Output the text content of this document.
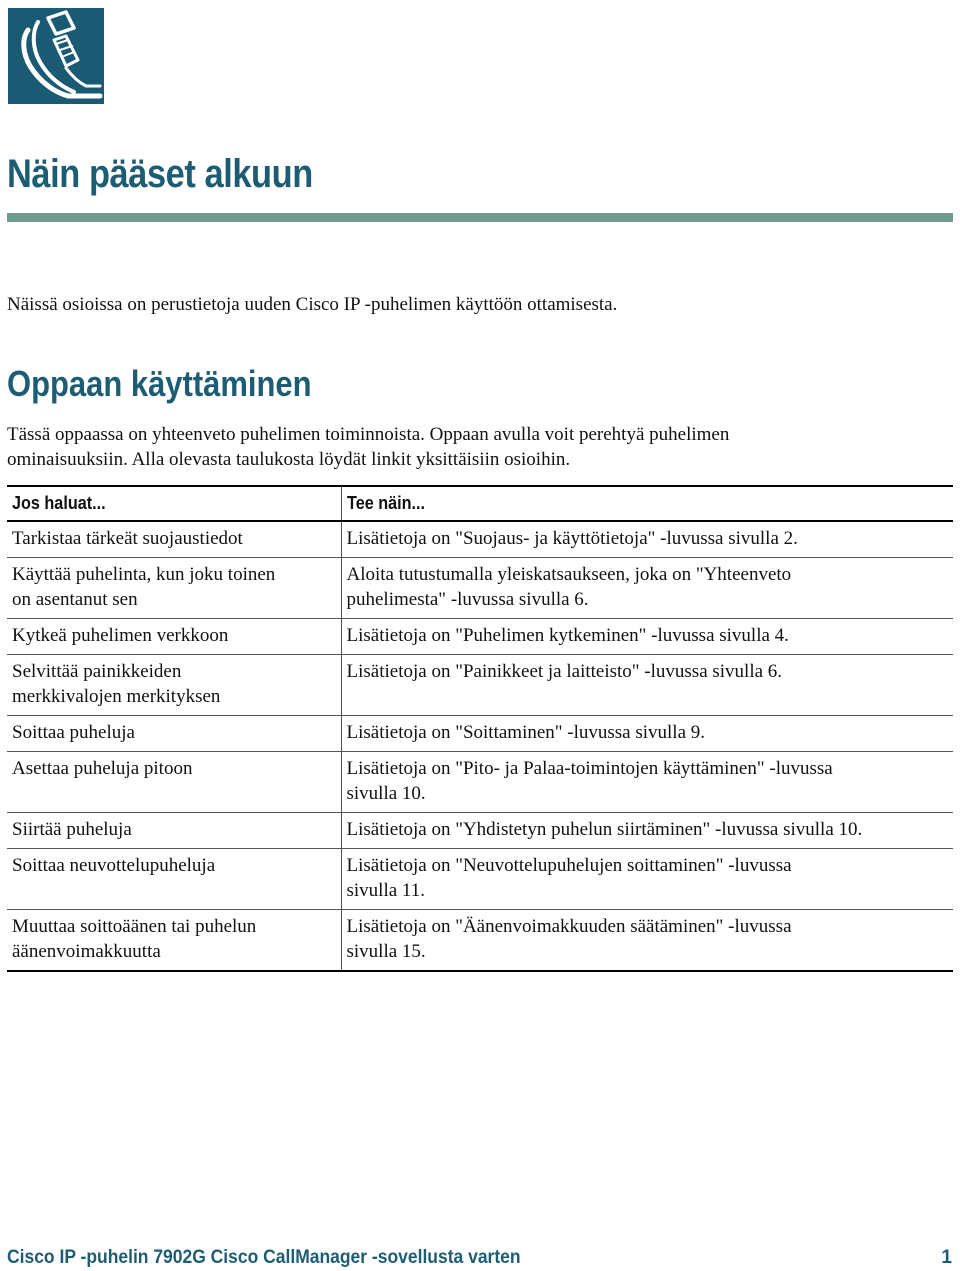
Näin pääset alkuun
Näissä osioissa on perustietoja uuden Cisco IP -puhelimen käyttöön ottamisesta.
Oppaan käyttäminen

Tässä oppaassa on yhteenveto puhelimen toiminnoista. Oppaan avulla voit perehtyä puhelimen
ominaisuuksiin. Alla olevasta taulukosta löydät linkit yksittäisiin osioihin.

Jos haluat...	Tee näin...
Tarkistaa tärkeät suojaustiedot	Lisätietoja on "Suojaus- ja käyttötietoja" -luvussa sivulla 2.
Käyttää puhelinta, kun joku toinen
on asentanut sen	Aloita tutustumalla yleiskatsaukseen, joka on "Yhteenveto
puhelimesta" -luvussa sivulla 6.
Kytkeä puhelimen verkkoon	Lisätietoja on "Puhelimen kytkeminen" -luvussa sivulla 4.
Selvittää painikkeiden
merkkivalojen merkityksen	Lisätietoja on "Painikkeet ja laitteisto" -luvussa sivulla 6.
Soittaa puheluja	Lisätietoja on "Soittaminen" -luvussa sivulla 9.
Asettaa puheluja pitoon	Lisätietoja on "Pito- ja Palaa-toimintojen käyttäminen" -luvussa
sivulla 10.
Siirtää puheluja	Lisätietoja on "Yhdistetyn puhelun siirtäminen" -luvussa sivulla 10.
Soittaa neuvottelupuheluja	Lisätietoja on "Neuvottelupuhelujen soittaminen" -luvussa
sivulla 11.
Muuttaa soittoäänen tai puhelun
äänenvoimakkuutta	Lisätietoja on "Äänenvoimakkuuden säätäminen" -luvussa
sivulla 15.
Cisco IP -puhelin 7902G Cisco CallManager -sovellusta varten	1
